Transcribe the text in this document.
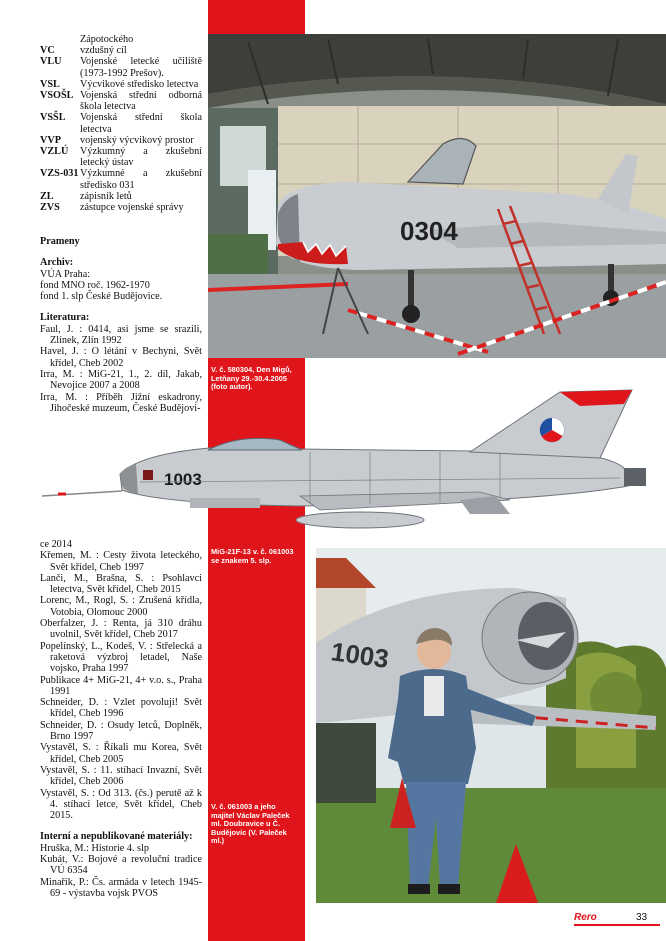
Zápotockého
VC	vzdušný cíl
VLU	Vojenské letecké učiliště (1973-1992 Prešov).
VSL	Výcvikové středisko letectva
VSOŠL Vojenská střední odborná škola letectva
VSŠL	Vojenská střední škola letectva
VVP	vojenský výcvikový prostor
VZLÚ	Výzkumný a zkušební letecký ústav
VZS-031 Výzkumné a zkušební středisko 031
ZL	zápisník letů
ZVS	zástupce vojenské správy
Prameny
Archiv:
VÚA Praha:
fond MNO roč. 1962-1970
fond 1. slp České Budějovice.
Literatura:
Faul, J. : 0414, asi jsme se srazili, Zlínek, Zlín 1992
Havel, J. : O létání v Bechyni, Svět křídel, Cheb 2002
Irra, M. : MiG-21, 1., 2. díl, Jakab, Nevojice 2007 a 2008
Irra, M. : Příběh Jižní eskadrony, Jihočeské muzeum, České Budějovi-
ce 2014
Křemen, M. : Cesty života leteckého, Svět křídel, Cheb 1997
Lanči, M., Brašna, S. : Psohlavci letectva, Svět křídel, Cheb 2015
Lorenc, M., Rogl, S. : Zrušená křídla, Votobia, Olomouc 2000
Oberfalzer, J. : Renta, já 310 dráhu uvolnil, Svět křídel, Cheb 2017
Popelínský, L., Kodeš, V. : Střelecká a raketová výzbroj letadel, Naše vojsko, Praha 1997
Publikace 4+ MiG-21, 4+ v.o. s., Praha 1991
Schneider, D. : Vzlet povoluji! Svět křídel, Cheb 1996
Schneider, D. : Osudy letců, Doplněk, Brno 1997
Vystavěl, S. : Říkali mu Korea, Svět křídel, Cheb 2005
Vystavěl, S. : 11. stíhací Invazní, Svět křídel, Cheb 2006
Vystavěl, S. : Od 313. (čs.) perutě až k 4. stíhací letce, Svět křídel, Cheb 2015.
Interní a nepublikované materiály:
Hruška, M.: Historie 4. slp
Kubát, V.: Bojové a revoluční tradice VÚ 6354
Minařík, P.: Čs. armáda v letech 1945-69 - výstavba vojsk PVOS
0304
V. č. 580304, Den Migů, Letňany 29.-30.4.2005 (foto autor).
1003
MiG-21F-13 v. č. 061003 se znakem 5. slp.
1003
V. č. 061003 a jeho majitel Václav Paleček ml. Doubravice u Č. Budějovic (V. Paleček ml.)
Rero	33
